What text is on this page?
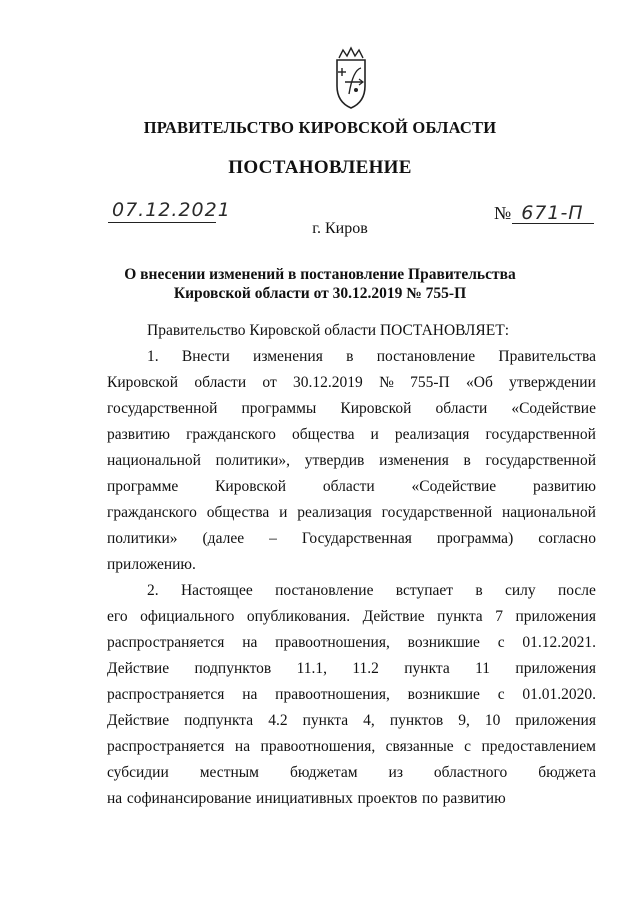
ПРАВИТЕЛЬСТВО КИРОВСКОЙ ОБЛАСТИ
ПОСТАНОВЛЕНИЕ
07.12.2021	№ 671-П
г. Киров
О внесении изменений в постановление Правительства
Кировской области от 30.12.2019 № 755-П

Правительство Кировской области ПОСТАНОВЛЯЕТ:

1. Внести изменения в постановление Правительства
Кировской области от 30.12.2019 № 755-П «Об утверждении
государственной программы Кировской области «Содействие
развитию гражданского общества и реализация государственной
национальной политики», утвердив изменения в государственной
программе Кировской области «Содействие развитию
гражданского общества и реализация государственной национальной
политики» (далее – Государственная программа) согласно
приложению.
2. Настоящее постановление вступает в силу после
его официального опубликования. Действие пункта 7 приложения
распространяется на правоотношения, возникшие с 01.12.2021.
Действие подпунктов 11.1, 11.2 пункта 11 приложения
распространяется на правоотношения, возникшие с 01.01.2020.
Действие подпункта 4.2 пункта 4, пунктов 9, 10 приложения
распространяется на правоотношения, связанные с предоставлением
субсидии местным бюджетам из областного бюджета
на софинансирование инициативных проектов по развитию
